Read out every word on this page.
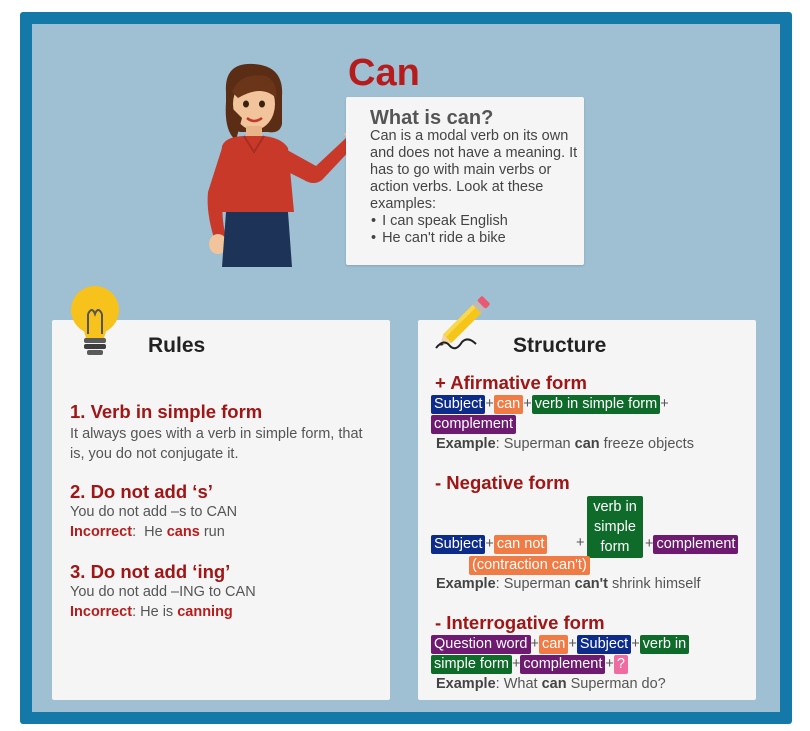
Can
What is can?

Can is a modal verb on its own and does not have a meaning. It has to go with main verbs or action verbs. Look at these examples:

• I can speak English
• He can't ride a bike
Rules
1. Verb in simple form
It always goes with a verb in simple form, that is, you do not conjugate it.
2. Do not add ‘s’
You do not add –s to CAN
Incorrect:  He cans run
3. Do not add ‘ing’
You do not add –ING to CAN
Incorrect: He is canning
Structure
+ Afirmative form
Subject + can + verb in simple form +
complement
Example: Superman can freeze objects
- Negative form
verb in
simple
form
Subject + can not +	+ complement
(contraction can't)
Example: Superman can't shrink himself
- Interrogative form
Question word + can + Subject + verb in
simple form + complement + ?
Example: What can Superman do?
